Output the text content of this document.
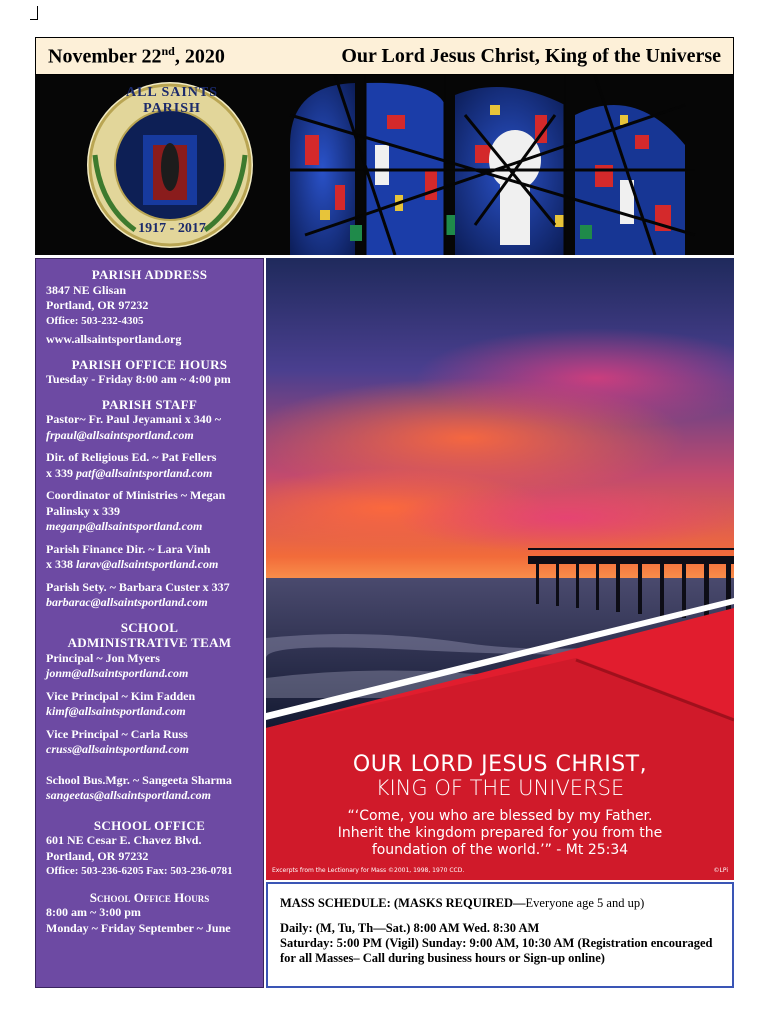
November 22nd, 2020	Our Lord Jesus Christ, King of the Universe
ALL SAINTS PARISH
1917 - 2017
PARISH ADDRESS
3847 NE Glisan
Portland, OR 97232
Office: 503-232-4305
www.allsaintsportland.org
PARISH OFFICE HOURS
Tuesday - Friday 8:00 am ~ 4:00 pm
PARISH STAFF
Pastor~ Fr. Paul Jeyamani x 340 ~
frpaul@allsaintsportland.com
Dir. of Religious Ed. ~ Pat Fellers
x 339 patf@allsaintsportland.com
Coordinator of Ministries ~ Megan Palinsky x 339
meganp@allsaintsportland.com
Parish Finance Dir. ~ Lara Vinh
x 338 larav@allsaintsportland.com
Parish Sety. ~ Barbara Custer x 337
barbarac@allsaintsportland.com
SCHOOL ADMINISTRATIVE TEAM
Principal ~ Jon Myers
jonm@allsaintsportland.com
Vice Principal ~ Kim Fadden
kimf@allsaintsportland.com
Vice Principal ~ Carla Russ
cruss@allsaintsportland.com
School Bus.Mgr. ~ Sangeeta Sharma
sangeetas@allsaintsportland.com
SCHOOL OFFICE
601 NE Cesar E. Chavez Blvd.
Portland, OR 97232
Office: 503-236-6205 Fax: 503-236-0781
School Office Hours
8:00 am ~ 3:00 pm
Monday ~ Friday September ~ June
OUR LORD JESUS CHRIST,
KING OF THE UNIVERSE
“‘Come, you who are blessed by my Father.
Inherit the kingdom prepared for you from the
foundation of the world.’” - Mt 25:34
Excerpts from the Lectionary for Mass ©2001, 1998, 1970 CCD.	©LPi
MASS SCHEDULE: (MASKS REQUIRED—Everyone age 5 and up)
Daily: (M, Tu, Th—Sat.) 8:00 AM Wed. 8:30 AM
Saturday: 5:00 PM (Vigil) Sunday: 9:00 AM, 10:30 AM (Registration encouraged for all Masses– Call during business hours or Sign-up online)
